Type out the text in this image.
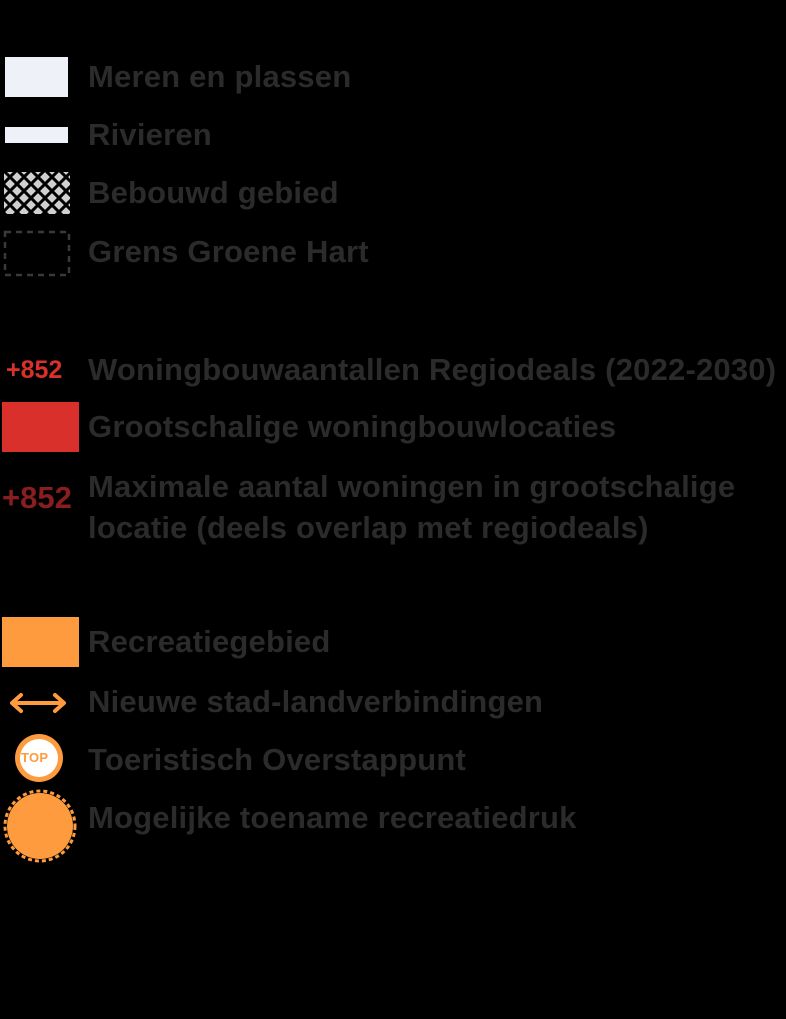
Meren en plassen
Rivieren
Bebouwd gebied
Grens Groene Hart
+852 Woningbouwaantallen Regiodeals (2022-2030)
Grootschalige woningbouwlocaties
+852 Maximale aantal woningen in grootschalige locatie (deels overlap met regiodeals)
Recreatiegebied
Nieuwe stad-landverbindingen
TOP Toeristisch Overstappunt
Mogelijke toename recreatiedruk
